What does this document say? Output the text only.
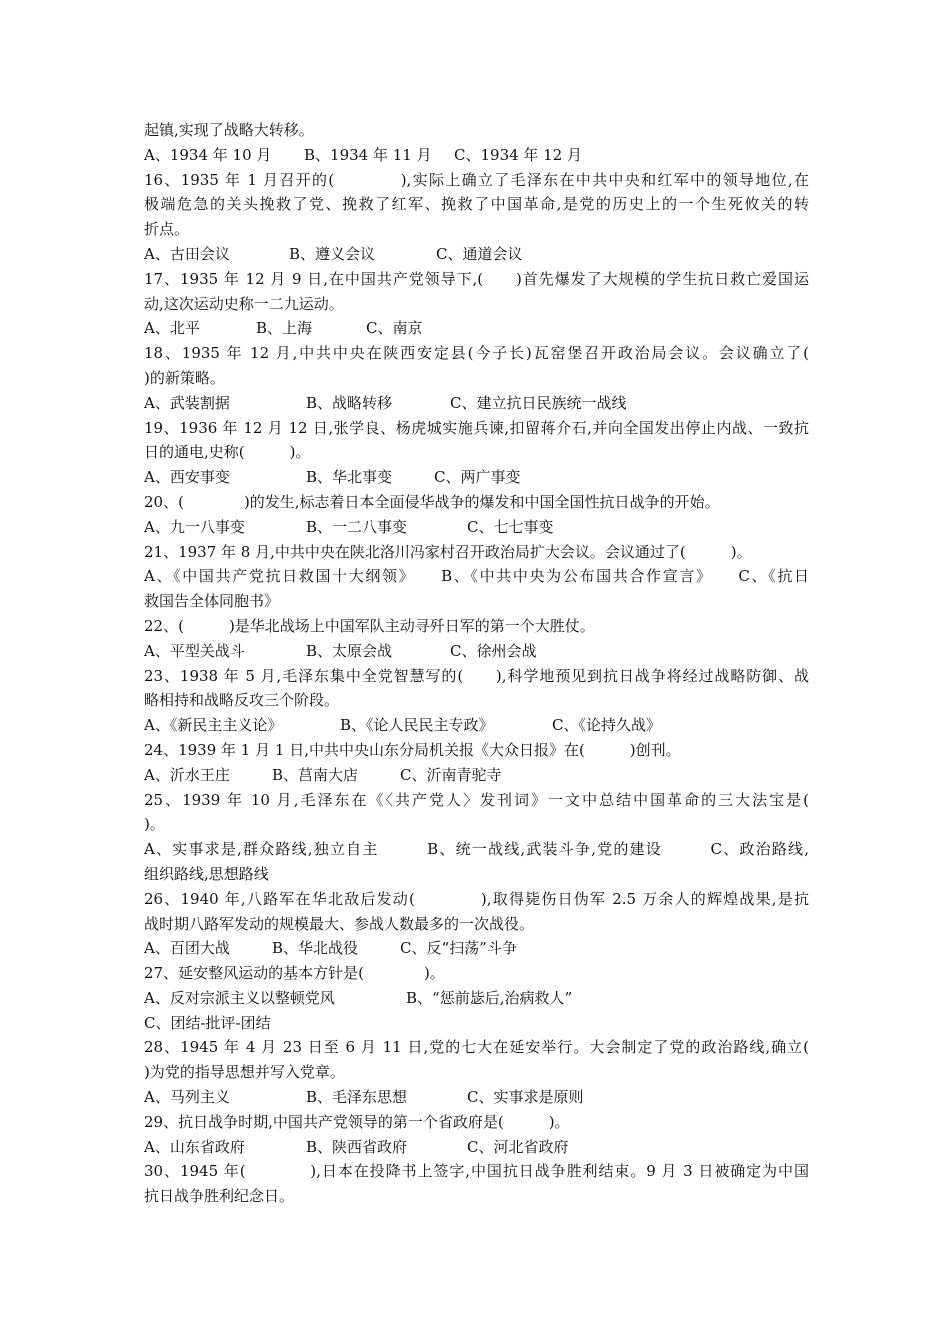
起镇,实现了战略大转移。
A、1934 年 10 月 B、1934 年 11 月 C、1934 年 12 月
16、1935 年 1 月召开的(　　　　),实际上确立了毛泽东在中共中央和红军中的领导地位,在
极端危急的关头挽救了党、挽救了红军、挽救了中国革命,是党的历史上的一个生死攸关的转
折点。
A、古田会议	B、遵义会议	C、通道会议
17、1935 年 12 月 9 日,在中国共产党领导下,(　　)首先爆发了大规模的学生抗日救亡爱国运
动,这次运动史称一二九运动。
A、北平	B、上海	C、南京
18、1935 年 12 月,中共中央在陕西安定县(今子长)瓦窑堡召开政治局会议。会议确立了(
)的新策略。
A、武装割据	B、战略转移	C、建立抗日民族统一战线
19、1936 年 12 月 12 日,张学良、杨虎城实施兵谏,扣留蒋介石,并向全国发出停止内战、一致抗
日的通电,史称(　　　)。
A、西安事变	B、华北事变	C、两广事变
20、(　　　　)的发生,标志着日本全面侵华战争的爆发和中国全国性抗日战争的开始。
A、九一八事变	B、一二八事变	C、七七事变
21、1937 年 8 月,中共中央在陕北洛川冯家村召开政治局扩大会议。会议通过了(　　　)。
A、《中国共产党抗日救国十大纲领》　　B、《中共中央为公布国共合作宣言》　　C、《抗日
救国告全体同胞书》
22、(　　　)是华北战场上中国军队主动寻歼日军的第一个大胜仗。
A、平型关战斗	B、太原会战	C、徐州会战
23、1938 年 5 月,毛泽东集中全党智慧写的(　　),科学地预见到抗日战争将经过战略防御、战
略相持和战略反攻三个阶段。
A、《新民主主义论》	B、《论人民民主专政》	C、《论持久战》
24、1939 年 1 月 1 日,中共中央山东分局机关报《大众日报》在(　　　)创刊。
A、沂水王庄	B、莒南大店	C、沂南青驼寺
25、1939 年 10 月,毛泽东在《〈共产党人〉发刊词》一文中总结中国革命的三大法宝是(
)。
A、实事求是,群众路线,独立自主　　　B、统一战线,武装斗争,党的建设　　　C、政治路线,
组织路线,思想路线
26、1940 年,八路军在华北敌后发动(　　　　),取得毙伤日伪军 2.5 万余人的辉煌战果,是抗
战时期八路军发动的规模最大、参战人数最多的一次战役。
A、百团大战	B、华北战役	C、反“扫荡”斗争
27、延安整风运动的基本方针是(　　　　)。
A、反对宗派主义以整顿党风	B、“惩前毖后,治病救人”
C、团结-批评-团结
28、1945 年 4 月 23 日至 6 月 11 日,党的七大在延安举行。大会制定了党的政治路线,确立(
)为党的指导思想并写入党章。
A、马列主义	B、毛泽东思想	C、实事求是原则
29、抗日战争时期,中国共产党领导的第一个省政府是(　　　)。
A、山东省政府	B、陕西省政府	C、河北省政府
30、1945 年(　　　　),日本在投降书上签字,中国抗日战争胜利结束。9 月 3 日被确定为中国
抗日战争胜利纪念日。
